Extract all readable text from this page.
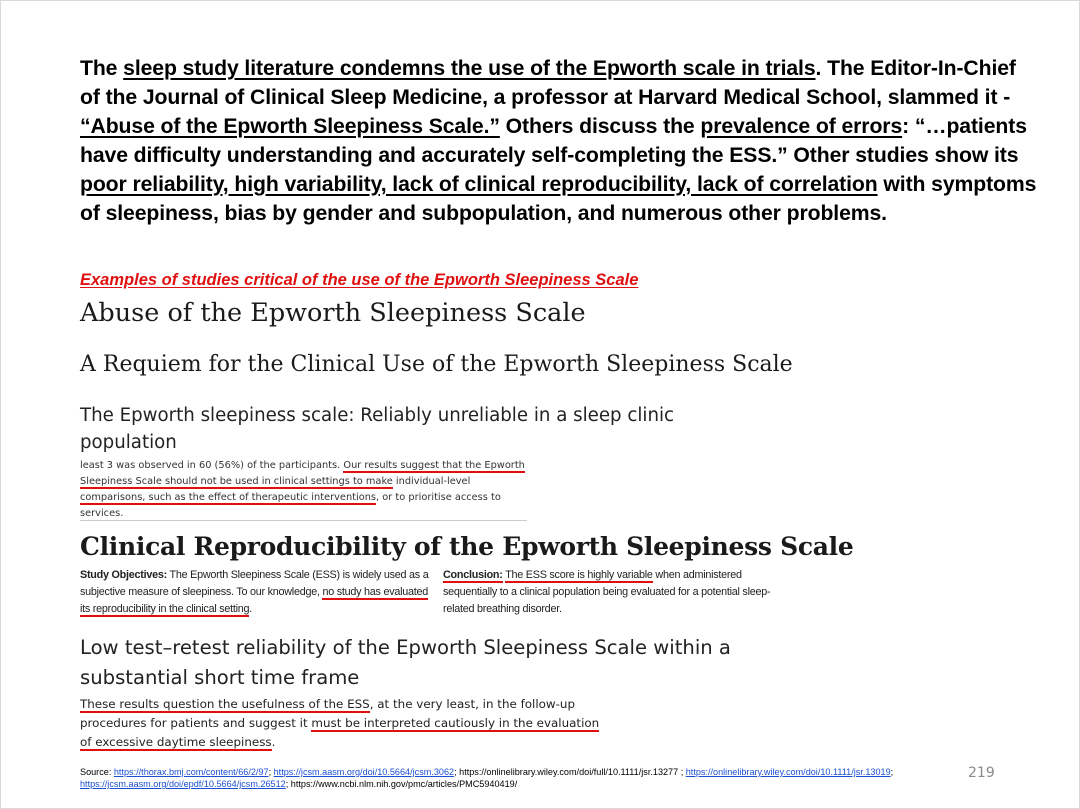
The sleep study literature condemns the use of the Epworth scale in trials. The Editor-In-Chief of the Journal of Clinical Sleep Medicine, a professor at Harvard Medical School, slammed it - “Abuse of the Epworth Sleepiness Scale.” Others discuss the prevalence of errors: “…patients have difficulty understanding and accurately self-completing the ESS.” Other studies show its poor reliability, high variability, lack of clinical reproducibility, lack of correlation with symptoms of sleepiness, bias by gender and subpopulation, and numerous other problems.
Examples of studies critical of the use of the Epworth Sleepiness Scale
Abuse of the Epworth Sleepiness Scale
A Requiem for the Clinical Use of the Epworth Sleepiness Scale
The Epworth sleepiness scale: Reliably unreliable in a sleep clinic population
least 3 was observed in 60 (56%) of the participants. Our results suggest that the Epworth Sleepiness Scale should not be used in clinical settings to make individual-level comparisons, such as the effect of therapeutic interventions, or to prioritise access to services.
Clinical Reproducibility of the Epworth Sleepiness Scale
Study Objectives: The Epworth Sleepiness Scale (ESS) is widely used as a subjective measure of sleepiness. To our knowledge, no study has evaluated its reproducibility in the clinical setting.
Conclusion: The ESS score is highly variable when administered sequentially to a clinical population being evaluated for a potential sleep-related breathing disorder.
Low test–retest reliability of the Epworth Sleepiness Scale within a substantial short time frame
These results question the usefulness of the ESS, at the very least, in the follow-up procedures for patients and suggest it must be interpreted cautiously in the evaluation of excessive daytime sleepiness.
Source: https://thorax.bmj.com/content/66/2/97; https://jcsm.aasm.org/doi/10.5664/jcsm.3062; https://onlinelibrary.wiley.com/doi/full/10.1111/jsr.13277 ; https://onlinelibrary.wiley.com/doi/10.1111/jsr.13019; https://jcsm.aasm.org/doi/epdf/10.5664/jcsm.26512; https://www.ncbi.nlm.nih.gov/pmc/articles/PMC5940419/
219
